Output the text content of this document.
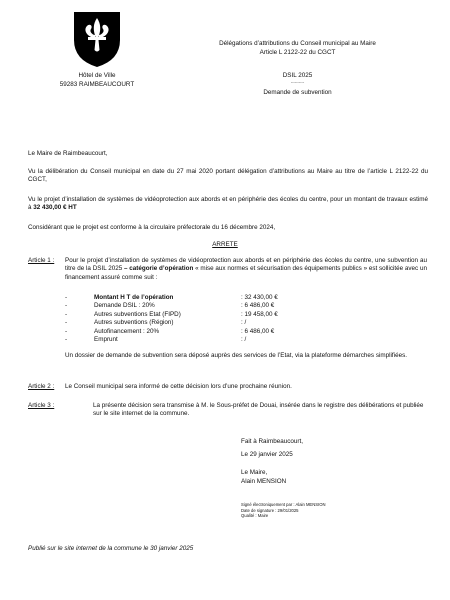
Hôtel de Ville
59283 RAIMBEAUCOURT
Délégations d’attributions du Conseil municipal au Maire
Article L 2122-22 du CGCT
DSIL 2025
----------
Demande de subvention
Le Maire de Raimbeaucourt,
Vu la délibération du Conseil municipal en date du 27 mai 2020 portant délégation d’attributions au Maire au titre de l’article L 2122-22 du CGCT,
Vu le projet d’installation de systèmes de vidéoprotection aux abords et en périphérie des écoles du centre, pour un montant de travaux estimé à 32 430,00 € HT
Considérant que le projet est conforme à la circulaire préfectorale du 16 décembre 2024,
ARRETE
Article 1 : Pour le projet d’installation de systèmes de vidéoprotection aux abords et en périphérie des écoles du centre, une subvention au titre de la DSIL 2025 – catégorie d’opération « mise aux normes et sécurisation des équipements publics » est sollicitée avec un financement assuré comme suit :
-	Montant H T de l’opération	: 32 430,00 €
-	Demande DSIL : 20%	: 6 486,00 €
-	Autres subventions Etat (FIPD)	: 19 458,00 €
-	Autres subventions (Région)	: /
-	Autofinancement : 20%	: 6 486,00 €
-	Emprunt	: /
Un dossier de demande de subvention sera déposé auprès des services de l’Etat, via la plateforme démarches simplifiées.
Article 2 : Le Conseil municipal sera informé de cette décision lors d’une prochaine réunion.
Article 3 :	La présente décision sera transmise à M. le Sous-préfet de Douai, insérée dans le registre des délibérations et publiée sur le site internet de la commune.
Fait à Raimbeaucourt,
Le 29 janvier 2025
Le Maire,
Alain MENSION
Signé électroniquement par : Alain MENSION
Date de signature : 29/01/2025
Qualité : Maire
Publié sur le site internet de la commune le 30 janvier 2025
